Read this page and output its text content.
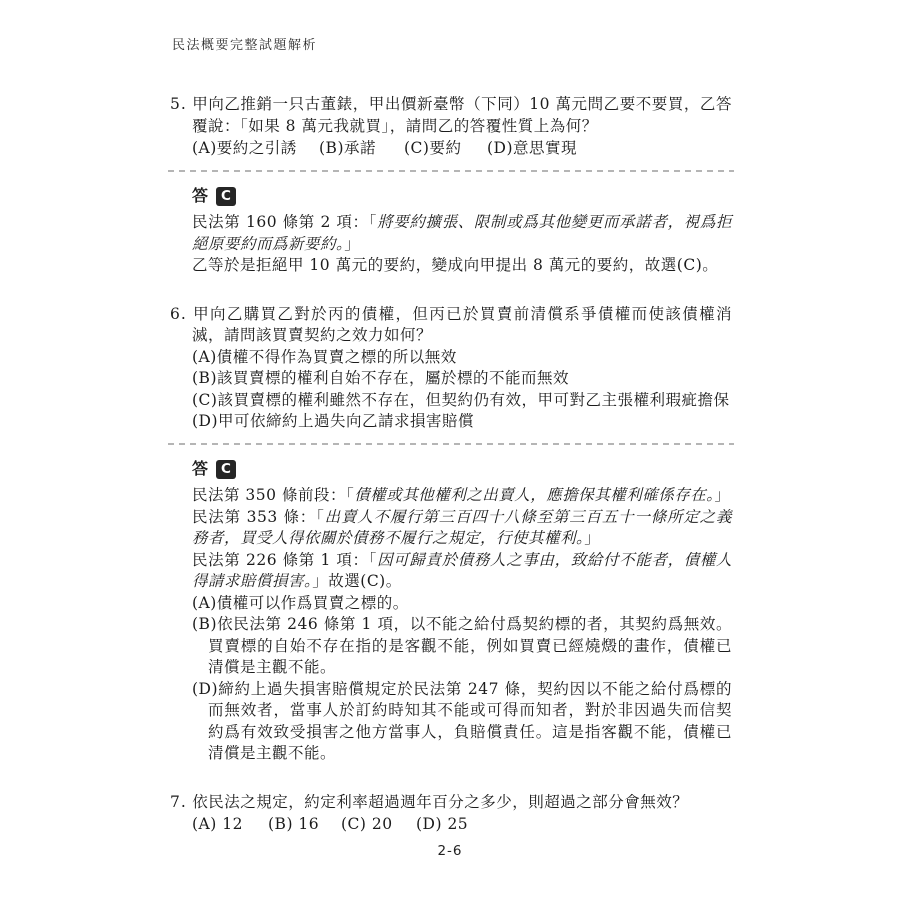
民法概要完整試題解析
5. 甲向乙推銷一只古董錶，甲出價新臺幣（下同）10 萬元問乙要不要買，乙答覆說：「如果 8 萬元我就買」，請問乙的答覆性質上為何？
(A)要約之引誘	(B)承諾	(C)要約	(D)意思實現
答 C
民法第 160 條第 2 項：「將要約擴張、限制或爲其他變更而承諾者，視爲拒絕原要約而爲新要約。」
乙等於是拒絕甲 10 萬元的要約，變成向甲提出 8 萬元的要約，故選(C)。
6. 甲向乙購買乙對於丙的債權，但丙已於買賣前清償系爭債權而使該債權消滅，請問該買賣契約之效力如何？
(A)債權不得作為買賣之標的所以無效
(B)該買賣標的權利自始不存在，屬於標的不能而無效
(C)該買賣標的權利雖然不存在，但契約仍有效，甲可對乙主張權利瑕疵擔保
(D)甲可依締約上過失向乙請求損害賠償
答 C
民法第 350 條前段：「債權或其他權利之出賣人，應擔保其權利確係存在。」
民法第 353 條：「出賣人不履行第三百四十八條至第三百五十一條所定之義務者，買受人得依關於債務不履行之規定，行使其權利。」
民法第 226 條第 1 項：「因可歸責於債務人之事由，致給付不能者，債權人得請求賠償損害。」故選(C)。
(A)債權可以作爲買賣之標的。
(B)依民法第 246 條第 1 項，以不能之給付爲契約標的者，其契約爲無效。買賣標的自始不存在指的是客觀不能，例如買賣已經燒燬的畫作，債權已清償是主觀不能。
(D)締約上過失損害賠償規定於民法第 247 條，契約因以不能之給付爲標的而無效者，當事人於訂約時知其不能或可得而知者，對於非因過失而信契約爲有效致受損害之他方當事人，負賠償責任。這是指客觀不能，債權已清償是主觀不能。
7. 依民法之規定，約定利率超過週年百分之多少，則超過之部分會無效？
(A) 12	(B) 16	(C) 20	(D) 25
2-6
